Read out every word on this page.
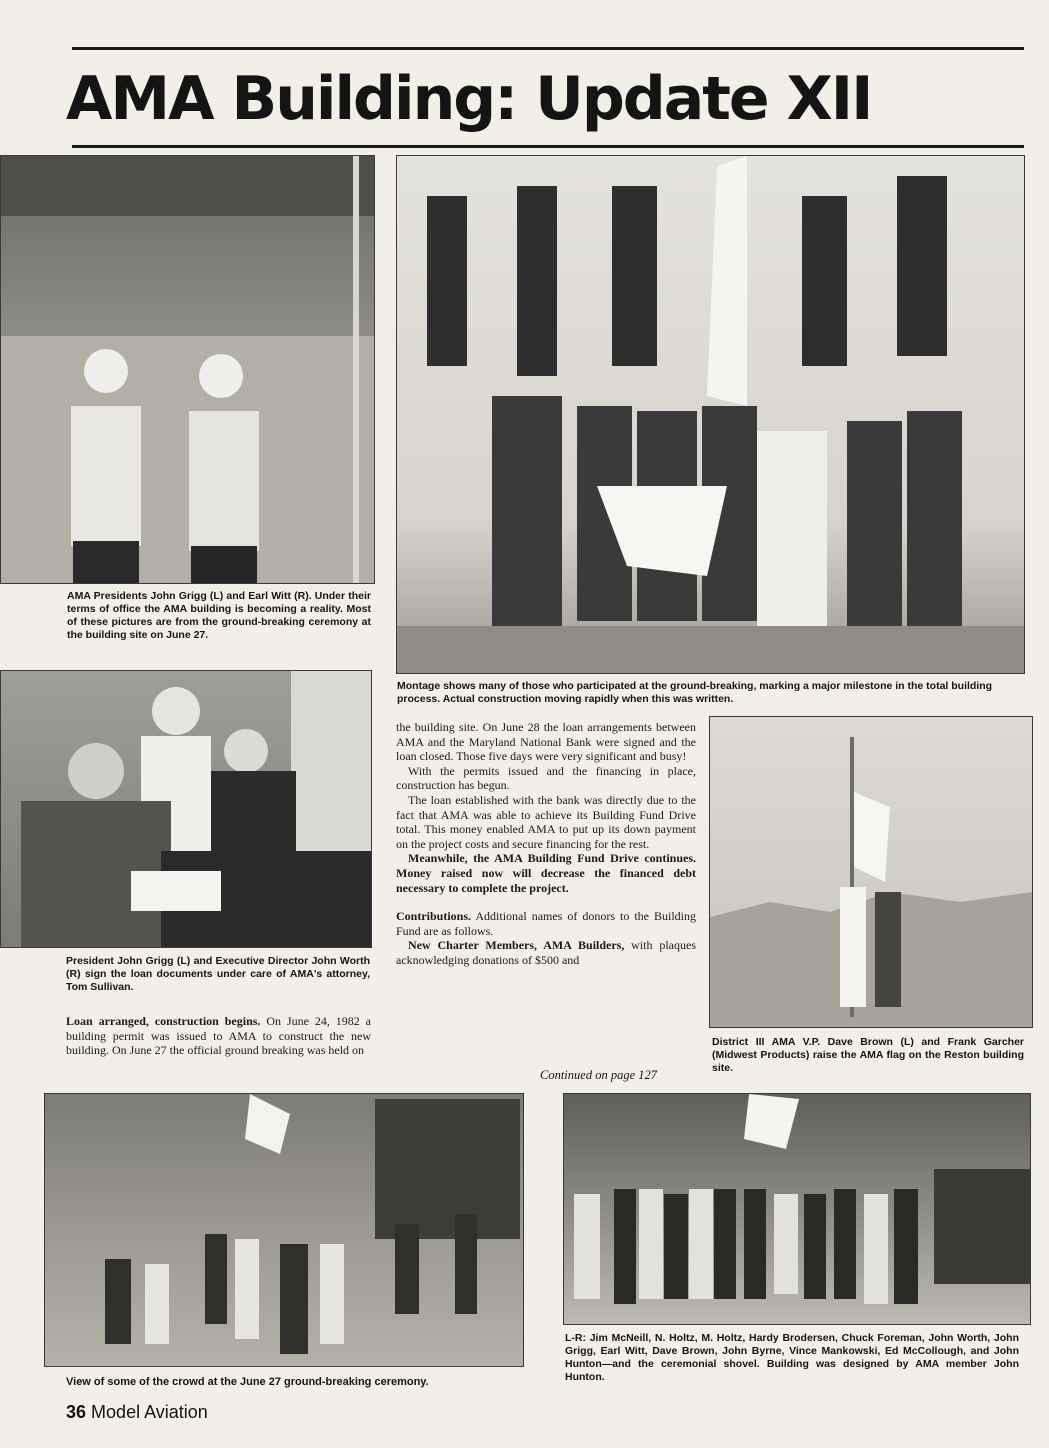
AMA Building: Update XII

AMA Presidents John Grigg (L) and Earl Witt (R). Under their terms of office the AMA building is becoming a reality. Most of these pictures are from the ground-breaking ceremony at the building site on June 27.

Montage shows many of those who participated at the ground-breaking, marking a major milestone in the total building process. Actual construction moving rapidly when this was written.

President John Grigg (L) and Executive Director John Worth (R) sign the loan documents under care of AMA's attorney, Tom Sullivan.

Loan arranged, construction begins. On June 24, 1982 a building permit was issued to AMA to construct the new building. On June 27 the official ground breaking was held on

the building site. On June 28 the loan arrangements between AMA and the Maryland National Bank were signed and the loan closed. Those five days were very significant and busy!

With the permits issued and the financing in place, construction has begun.

The loan established with the bank was directly due to the fact that AMA was able to achieve its Building Fund Drive total. This money enabled AMA to put up its down payment on the project costs and secure financing for the rest.

Meanwhile, the AMA Building Fund Drive continues. Money raised now will decrease the financed debt necessary to complete the project.

Contributions. Additional names of donors to the Building Fund are as follows.

New Charter Members, AMA Builders, with plaques acknowledging donations of $500 and

Continued on page 127

District III AMA V.P. Dave Brown (L) and Frank Garcher (Midwest Products) raise the AMA flag on the Reston building site.

View of some of the crowd at the June 27 ground-breaking ceremony.

L-R: Jim McNeill, N. Holtz, M. Holtz, Hardy Brodersen, Chuck Foreman, John Worth, John Grigg, Earl Witt, Dave Brown, John Byrne, Vince Mankowski, Ed McCollough, and John Hunton—and the ceremonial shovel. Building was designed by AMA member John Hunton.

36 Model Aviation
